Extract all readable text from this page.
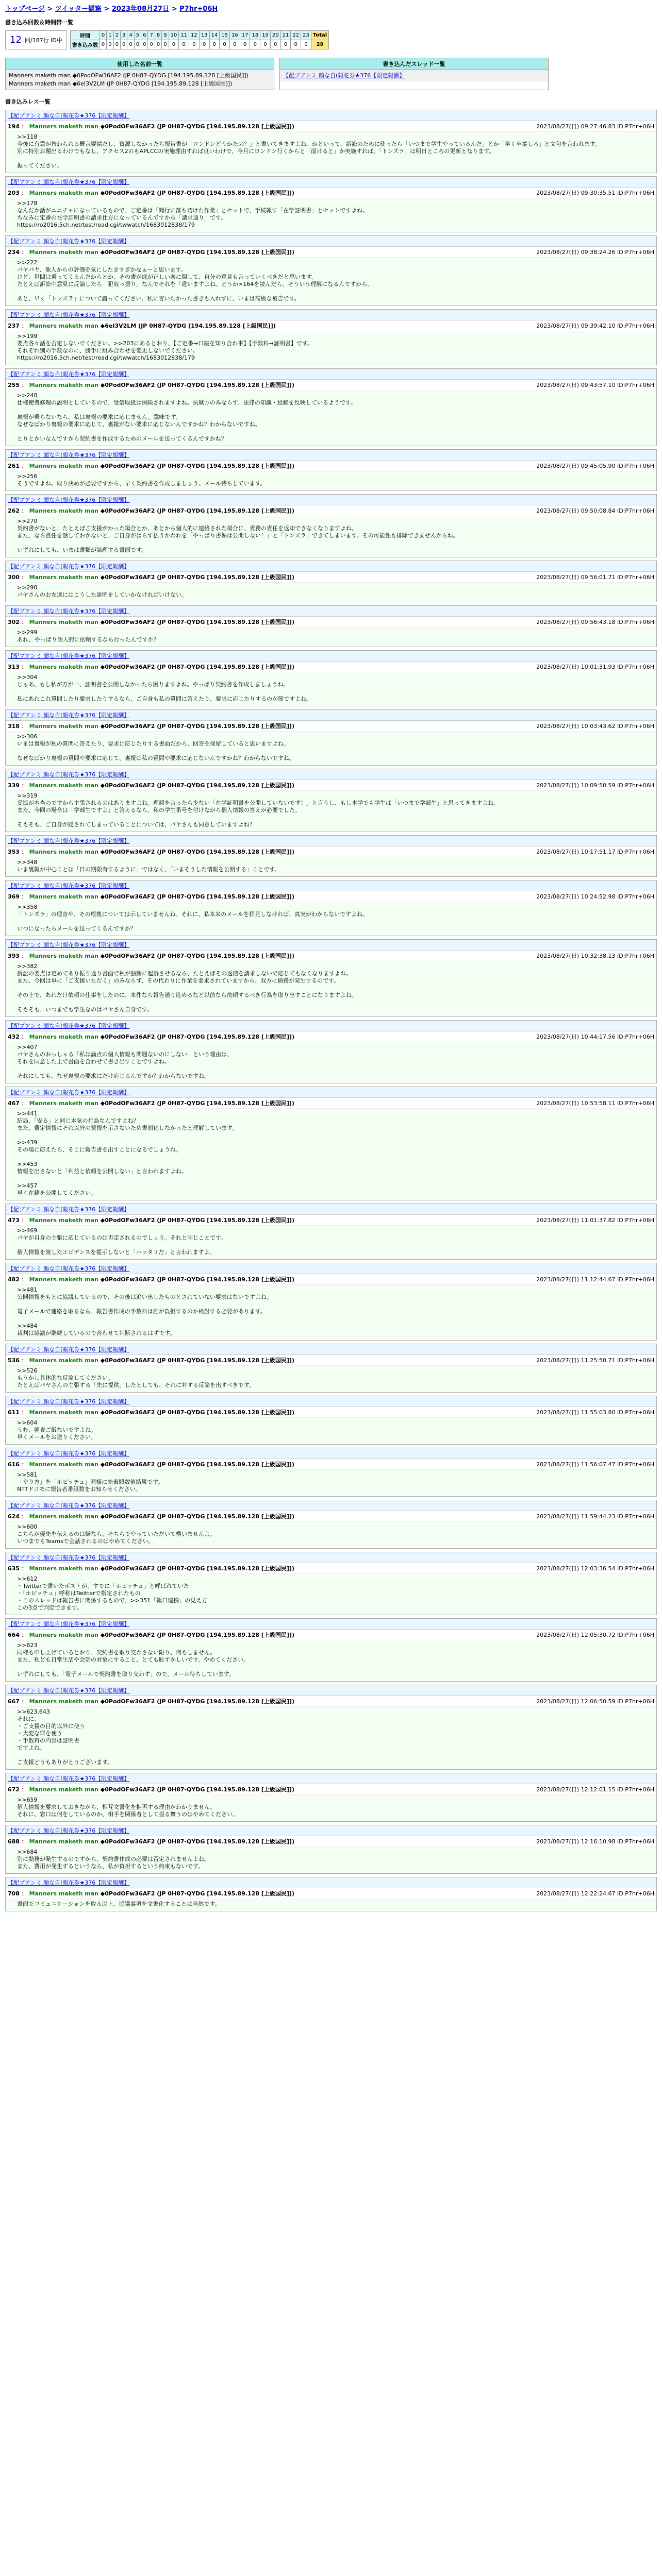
トップページ > ツイッター観察 > 2023年08月27日 > P7hr+06H
書き込み回数＆時間帯一覧
12 回/187行 ID中
時間	0	1	2	3	4	5	6	7	8	9	10	11	12	13	14	15	16	17	18	19	20	21	22	23	Total
書き込み数	0	0	0	0	0	0	0	0	0	0	0	0	0	0	0	0	0	0	0	0	0	0	0	0	29
使用した名前一覧
Manners maketh man ◆0PodOFw36AF2 (JP 0H87-QYDG [194.195.89.128 [上級国民]])
Manners maketh man ◆6eI3V2LM (JP 0H87-QYDG [194.195.89.128 [上級国民]])
書き込んだスレッド一覧
【配ブアンミ 顔な自(報花券★376【限定報酬】
書き込みレス一覧
【配ブアンミ 顔な自(報花券★376【限定報酬】
194 ： Manners maketh man ◆0PodOFw36AF2 (JP 0H87-QYDG [194.195.89.128 [上級国民]])	2023/08/27(日) 09:27:46.83 ID:P7hr+06H
>>118
今後に有意が替わられる概言要請だし、資源しなかったら報告書が「ロンドンどうかたの？」と書いてきますよね。かといって、訴訟のために使ったら「いつまで学生やっているんだ」とか「早く卒業しろ」と文句を言われます。
別に特別お題出るわけでもなし、アクセス2のもAPLCCの実施理由すれば良いわけで、今月にロンドン行くからと「面けると」か実施すれば、「トンズラ」は明日ところの更新となります。

振ってください。
【配ブアンミ 顔な自(報花券★376【限定報酬】
203 ： Manners maketh man ◆0PodOFw36AF2 (JP 0H87-QYDG [194.195.89.128 [上級国民]])	2023/08/27(日) 09:30:35.51 ID:P7hr+06H
>>178
なんだか話がユニチャになっているもので、ご定番は「聞行に落ち切けた作業」とセットで、手続報す「在学証明書」とセットですよね。
ちなみに定番の在学証明書の請求仕方になっているんですから「請求通り」です。
https://ro2016.5ch.net/test/read.cgi/twwatch/1683012838/179
【配ブアンミ 顔な自(報花券★376【限定報酬】
234 ： Manners maketh man ◆0PodOFw36AF2 (JP 0H87-QYDG [194.195.89.128 [上級国民]])	2023/08/27(日) 09:38:24.26 ID:P7hr+06H
>>222
パヤパヤ、他人からの評価を気にしたきすぎかなぁーと思います。
けど、世間は乗ってくるんだからとか、その書が成が正しい案に関して、自分の意見も言っていくべきだと思います。
たとえば訴訟中意見に反論したら「犯収っ振り」なんでそれを「違いますよね。どうか>164を読んだら、そういう理解になるんですから。

あと、早く「トンズラ」について謝ってください。私に言いたかった書きも入れずに、いまは高級な被告です。
【配ブアンミ 顔な自(報花券★376【限定報酬】
237 ： Manners maketh man ◆6eI3V2LM (JP 0H87-QYDG [194.195.89.128 [上級国民]])	2023/08/27(日) 09:39:42.10 ID:P7hr+06H
>>199
要点各々話を否定しないでください。>>203にあるとおり、【ご定番→口座を知り合わ事】【手数料→証明書】です。
それぞれ別の手数なのに、勝手に組み合わせを変更しないでください。
https://ro2016.5ch.net/test/read.cgi/twwatch/1683012838/179
【配ブアンミ 顔な自(報花券★376【限定報酬】
255 ： Manners maketh man ◆0PodOFw36AF2 (JP 0H87-QYDG [194.195.89.128 [上級国民]])	2023/08/27(日) 09:43:57.10 ID:P7hr+06H
>>240
仕様使者修理の説明としているので、受信取扱は保険されますよね。抗戦方のみならず、法律の知識・経験を反映しているようです。

裏報が乗らないなら、私は裏報の要求に応じません。意味です。
なぜなばかり裏報の要求に応じて、裏報がない要求に応じないんですかね？わからないですね。

とりとかいなんですから契約書を作成するためのメールを送ってくるんですかね？
【配ブアンミ 顔な自(報花券★376【限定報酬】
261 ： Manners maketh man ◆0PodOFw36AF2 (JP 0H87-QYDG [194.195.89.128 [上級国民]])	2023/08/27(日) 09:45:05.90 ID:P7hr+06H
>>256
そうですよね。取り決めが必要ですから、早く契約書を作成しましょう。メール待ちしています。
【配ブアンミ 顔な自(報花券★376【限定報酬】
262 ： Manners maketh man ◆0PodOFw36AF2 (JP 0H87-QYDG [194.195.89.128 [上級国民]])	2023/08/27(日) 09:50:08.84 ID:P7hr+06H
>>270
契約書がないと、たとえばご支援がかった場合とか、あとから個人的に連絡された場合に、責務の責任を返却できなくなりますよね。
また、なら責任を話しておかないと、ご自身がはらず払うかわれを「やっぱり書類は公開しない！」と「トンズラ」できてしまいます。その可能性も排除できませんからね。

いずれにしても、いまは書類が論理する書面です。
【配ブアンミ 顔な自(報花券★376【限定報酬】
300 ： Manners maketh man ◆0PodOFw36AF2 (JP 0H87-QYDG [194.195.89.128 [上級国民]])	2023/08/27(日) 09:56:01.71 ID:P7hr+06H
>>290
パヤさんのお友達にはこうした説明をしていかなければいけない。
【配ブアンミ 顔な自(報花券★376【限定報酬】
302 ： Manners maketh man ◆0PodOFw36AF2 (JP 0H87-QYDG [194.195.89.128 [上級国民]])	2023/08/27(日) 09:56:43.18 ID:P7hr+06H
>>299
あれ、やっぱり個人的に依頼するなら行ったんですか？
【配ブアンミ 顔な自(報花券★376【限定報酬】
313 ： Manners maketh man ◆0PodOFw36AF2 (JP 0H87-QYDG [194.195.89.128 [上級国民]])	2023/08/27(日) 10:01:31.93 ID:P7hr+06H
>>304
じゃあ、もし私が万が一、証明書を公開しなかったら困りますよね。やっぱり契約書を作成しましょうね。

私にあれこれ質問したり要求したりするなら、ご自身も私の質問に答えたり、要求に応じたりするのが筋ですよね。
【配ブアンミ 顔な自(報花券★376【限定報酬】
318 ： Manners maketh man ◆0PodOFw36AF2 (JP 0H87-QYDG [194.195.89.128 [上級国民]])	2023/08/27(日) 10:03:43.62 ID:P7hr+06H
>>306
いまは裏報が私の質問に答えたり、要求に応じたりする書面だから、回答を保留していると思いますよね。

なぜなばかり裏報の質問や要求に応じて、裏報は私の質問や要求に応じないんですかね？わからないですね。
【配ブアンミ 顔な自(報花券★376【限定報酬】
339 ： Manners maketh man ◆0PodOFw36AF2 (JP 0H87-QYDG [194.195.89.128 [上級国民]])	2023/08/27(日) 10:09:50.59 ID:P7hr+06H
>>319
妥協が本当のですから主張されるのはありますよね。理屈を言ったら少ない「在学証明書を公開していないです！」と言うし、もし本学でも学生は「いつまで学部生」と思ってきますよね。
また、今回の場合は「学部生ですよ」と答えるなら、私の学生番号を付けながら個人情報の答えが必要でした。

そもそも、ご自身が隠されてしまっていることについては、パヤさんも同意していますよね？
【配ブアンミ 顔な自(報花券★376【限定報酬】
353 ： Manners maketh man ◆0PodOFw36AF2 (JP 0H87-QYDG [194.195.89.128 [上級国民]])	2023/08/27(日) 10:17:51.17 ID:P7hr+06H
>>348
いま裏報が中心ことは「日の期限有するように」ではなく、「いまそうした情報を公開する」ことです。
【配ブアンミ 顔な自(報花券★376【限定報酬】
369 ： Manners maketh man ◆0PodOFw36AF2 (JP 0H87-QYDG [194.195.89.128 [上級国民]])	2023/08/27(日) 10:24:52.98 ID:P7hr+06H
>>358
「トンズラ」の理由や、その根拠については示していませんね。それに、私本来のメールを拝見しなければ、真実がわからないですよね。

いつになったらメールを送ってくるんですか？
【配ブアンミ 顔な自(報花券★376【限定報酬】
393 ： Manners maketh man ◆0PodOFw36AF2 (JP 0H87-QYDG [194.195.89.128 [上級国民]])	2023/08/27(日) 10:32:38.13 ID:P7hr+06H
>>382
訴訟の要点は定めてあり振り返り書面で私が独断に起訴させるなら、たとえばその返信を請求しないで応じてもなくなりますよね。
また、今回は単に「ご支援いただく」のみならず、その代わりに作業を要求されていますから、双方に債務が発生するのです。

その上で、あれだけ依頼の仕事をしたのに、本件なら報告通り進めるなど以前なら依頼するべき行為を取り出すことになりますよね。

そもそも、いつまでも学生なのはパヤさん自身です。
【配ブアンミ 顔な自(報花券★376【限定報酬】
432 ： Manners maketh man ◆0PodOFw36AF2 (JP 0H87-QYDG [194.195.89.128 [上級国民]])	2023/08/27(日) 10:44:17.56 ID:P7hr+06H
>>407
パヤさんのおっしゃる「私は論点の個人情報も問題ないのにしない」という理由は、
それを同意した上で書面を合わせて書き出すことですよね。

それにしても、なぜ裏報の要求にだけ応じるんですか？わからないですね。
【配ブアンミ 顔な自(報花券★376【限定報酬】
467 ： Manners maketh man ◆0PodOFw36AF2 (JP 0H87-QYDG [194.195.89.128 [上級国民]])	2023/08/27(日) 10:53:58.11 ID:P7hr+06H
>>441
結局、「安る」と同じ本気の行為なんですよね？
また、費定情報にそれ以外の費報を示さないため書面化しなかったと理解しています。

>>439
その場に応えたら、そこに報告書を出すことになるでしょうね。

>>453
情報を出さないと「利益と依頼を公開しない」と言われますよね。

>>457
早く在籍を公開してください。
【配ブアンミ 顔な自(報花券★376【限定報酬】
473 ： Manners maketh man ◆0PodOFw36AF2 (JP 0H87-QYDG [194.195.89.128 [上級国民]])	2023/08/27(日) 11:01:37.82 ID:P7hr+06H
>>469
パヤが自身の主張に応じているのは否定されるのでしょう。それと同じことです。

個人情報を渡したエビデンスを提示しないと「ハッタリだ」と言われますよ。
【配ブアンミ 顔な自(報花券★376【限定報酬】
482 ： Manners maketh man ◆0PodOFw36AF2 (JP 0H87-QYDG [194.195.89.128 [上級国民]])	2023/08/27(日) 11:12:44.67 ID:P7hr+06H
>>481
公開情報をもとに協議しているので、その後は追い出したものとされていない要求はないですよね。

電子メールで連絡を取るなら、報告書作成の手数料は誰が負担するのか検討する必要があります。

>>484
裁判は協議が継続しているので合わせて判断されるはずです。
【配ブアンミ 顔な自(報花券★376【限定報酬】
536 ： Manners maketh man ◆0PodOFw36AF2 (JP 0H87-QYDG [194.195.89.128 [上級国民]])	2023/08/27(日) 11:25:50.71 ID:P7hr+06H
>>526
もうかし具体的な反論してください。
たとえばパヤさんの主張する「先に提供」したとしても、それに対する反論を出すべきです。
【配ブアンミ 顔な自(報花券★376【限定報酬】
611 ： Manners maketh man ◆0PodOFw36AF2 (JP 0H87-QYDG [194.195.89.128 [上級国民]])	2023/08/27(日) 11:55:03.80 ID:P7hr+06H
>>604
うむ、朝食ご飯ないですよね。
早くメールをお送りください。
【配ブアンミ 顔な自(報花券★376【限定報酬】
616 ： Manners maketh man ◆0PodOFw36AF2 (JP 0H87-QYDG [194.195.89.128 [上級国民]])	2023/08/27(日) 11:56:07.47 ID:P7hr+06H
>>581
「やり方」を「ホビッチュ」同様に先着順数値結果です。
NTTドコモに報告者番組数をお知らせください。
【配ブアンミ 顔な自(報花券★376【限定報酬】
624 ： Manners maketh man ◆0PodOFw36AF2 (JP 0H87-QYDG [194.195.89.128 [上級国民]])	2023/08/27(日) 11:59:44.23 ID:P7hr+06H
>>600
こちらが優先を伝えるのは嫌なら、そちらでやっていただいて構いませんよ。
いつまでもTeamsで会話されるのはやめてください。
【配ブアンミ 顔な自(報花券★376【限定報酬】
635 ： Manners maketh man ◆0PodOFw36AF2 (JP 0H87-QYDG [194.195.89.128 [上級国民]])	2023/08/27(日) 12:03:36.54 ID:P7hr+06H
>>612
・Twitterで書いたポストが、すでに「ホビッチュ」と呼ばれていた
・「ホビッチュ」呼称はTwitterで指定されたもの
・このスレッドは報告書に関係するもので、>>351「報口連携」の見え方
この3点で判定できます。
【配ブアンミ 顔な自(報花券★376【限定報酬】
664 ： Manners maketh man ◆0PodOFw36AF2 (JP 0H87-QYDG [194.195.89.128 [上級国民]])	2023/08/27(日) 12:05:30.72 ID:P7hr+06H
>>623
同様も申し上げているとおり、契約書を取り交わさない限り、何もしません。
また、私ども日常生活や会話の対象にすること、とても恥ずかしいです。やめてください。

いずれにしても、「電子メールで契約書を取り交わす」ので、メール待ちしています。
【配ブアンミ 顔な自(報花券★376【限定報酬】
667 ： Manners maketh man ◆0PodOFw36AF2 (JP 0H87-QYDG [194.195.89.128 [上級国民]])	2023/08/27(日) 12:06:50.59 ID:P7hr+06H
>>623,643
それに、
・ご支援の目的以外に使う
・大変な罪を使う
・手数料の内容は証明書
ですよね。

ご支援どうもありがとうございます。
【配ブアンミ 顔な自(報花券★376【限定報酬】
672 ： Manners maketh man ◆0PodOFw36AF2 (JP 0H87-QYDG [194.195.89.128 [上級国民]])	2023/08/27(日) 12:12:01.15 ID:P7hr+06H
>>659
個人情報を要求しておきながら、相互文書化を拒否する理由がわかりません。
それに、窓口は何をしているのか、相手を関係者として振る舞うのはやめてください。
【配ブアンミ 顔な自(報花券★376【限定報酬】
688 ： Manners maketh man ◆0PodOFw36AF2 (JP 0H87-QYDG [194.195.89.128 [上級国民]])	2023/08/27(日) 12:16:10.98 ID:P7hr+06H
>>684
別に勤務が発生するのですから、契約書作成の必要は否定されませんよね。
また、費用が発生するというなら、私が負担するという約束もないです。
【配ブアンミ 顔な自(報花券★376【限定報酬】
708 ： Manners maketh man ◆0PodOFw36AF2 (JP 0H87-QYDG [194.195.89.128 [上級国民]])	2023/08/27(日) 12:22:24.67 ID:P7hr+06H
書面でコミュニケーションを取る以上、協議事項を文書化することは当然です。
